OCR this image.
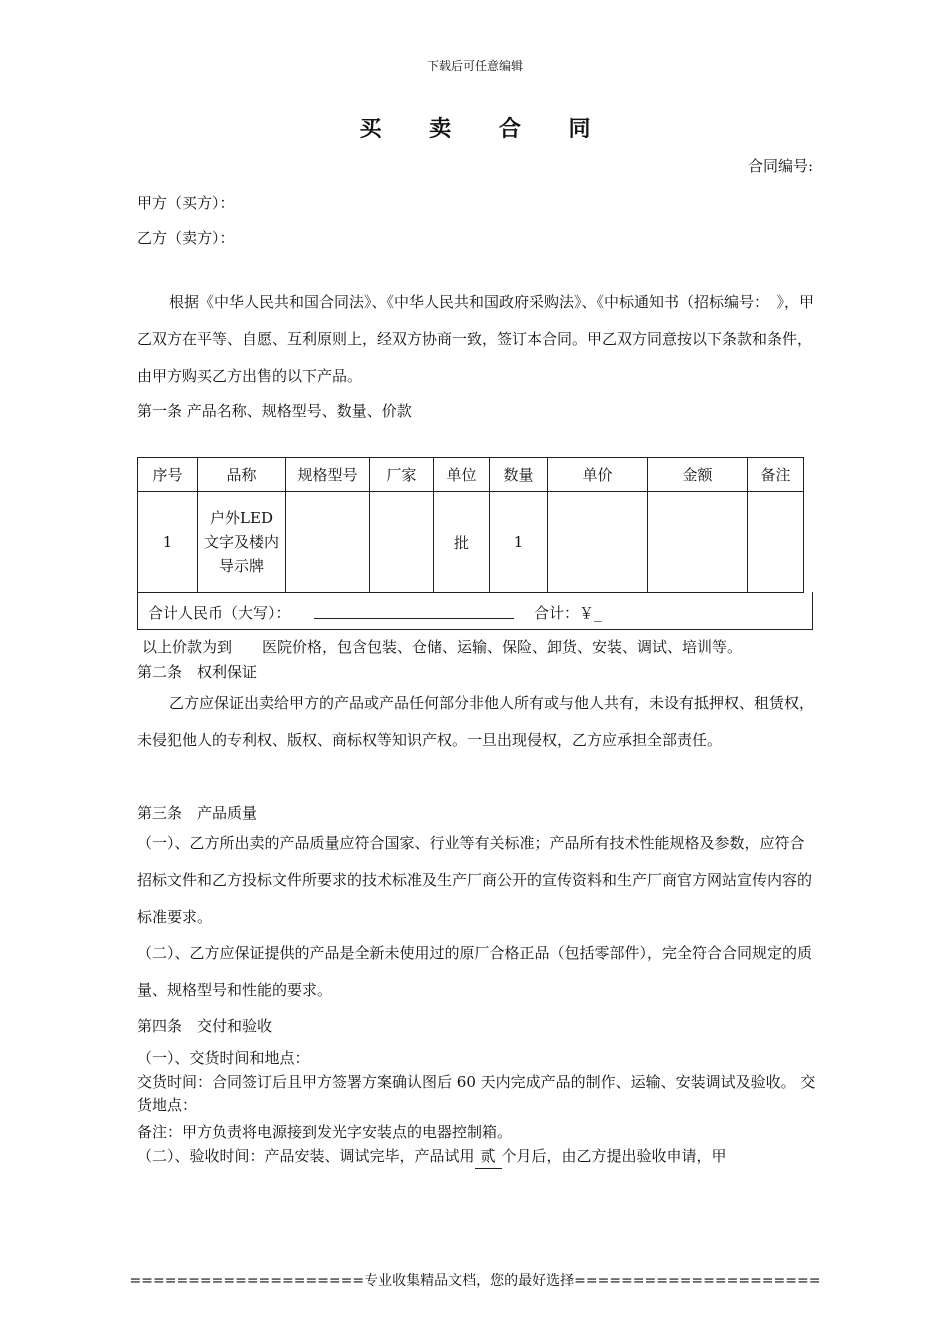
下载后可任意编辑
买 卖 合 同
合同编号:
甲方（买方）：
乙方（卖方）：
根据《中华人民共和国合同法》、《中华人民共和国政府采购法》、《中标通知书（招标编号：　》，甲乙双方在平等、自愿、互利原则上，经双方协商一致，签订本合同。甲乙双方同意按以下条款和条件，由甲方购买乙方出售的以下产品。
第一条 产品名称、规格型号、数量、价款
序号	品称	规格型号	厂家	单位	数量	单价	金额	备注
1	户外LED文字及楼内导示牌			批	1			
合计人民币（大写）：	合计：￥_
以上价款为到　　医院价格，包含包装、仓储、运输、保险、卸货、安装、调试、培训等。
第二条　权利保证
乙方应保证出卖给甲方的产品或产品任何部分非他人所有或与他人共有，未设有抵押权、租赁权，未侵犯他人的专利权、版权、商标权等知识产权。一旦出现侵权，乙方应承担全部责任。
第三条　产品质量
（一）、乙方所出卖的产品质量应符合国家、行业等有关标准；产品所有技术性能规格及参数，应符合招标文件和乙方投标文件所要求的技术标准及生产厂商公开的宣传资料和生产厂商官方网站宣传内容的标准要求。
（二）、乙方应保证提供的产品是全新未使用过的原厂合格正品（包括零部件），完全符合合同规定的质量、规格型号和性能的要求。
第四条　交付和验收
（一）、交货时间和地点：
交货时间：合同签订后且甲方签署方案确认图后 60 天内完成产品的制作、运输、安装调试及验收。 交货地点：
备注：甲方负责将电源接到发光字安装点的电器控制箱。
（二）、验收时间：产品安装、调试完毕，产品试用 贰 个月后，由乙方提出验收申请，甲
====================专业收集精品文档，您的最好选择=====================
